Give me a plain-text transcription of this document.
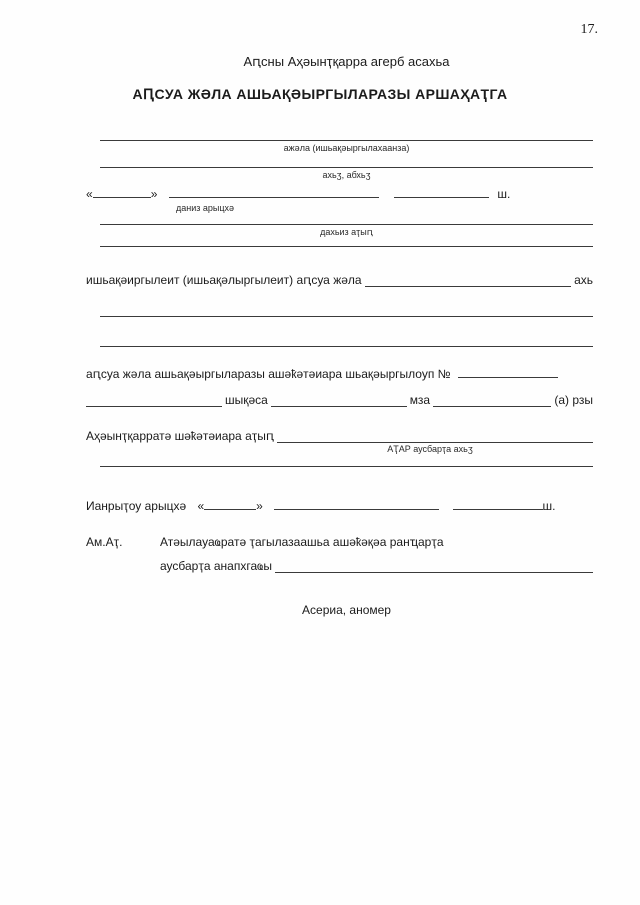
17.
Аԥсны Аҳәынҭқарра агерб асахьа
АԤСУА ЖӘЛА АШЬАҚӘЫРГЫЛАРАЗЫ АРШАҲАҬГА
ажәла (ишьақәыргылахаанза)
ахьӡ, абхьӡ
«	»	ш.
даниз арыцхә
дахьиз аҭыԥ
ишьақәиргылеит (ишьақәлыргылеит) аԥсуа жәла	ахь
аԥсуа жәла ашьақәыргыларазы ашәҟәтәиара шьақәыргылоуп №
шықәса	мза	(а) рзы
Аҳәынҭқарратә шәҟәтәиара аҭыԥ
АҬАР аусбарҭа ахьӡ
Ианрыҭоу арыцхә «	»	ш.
Ам.Аҭ.	Атәылауаҩратә ҭагылазаашьа ашәҟәқәа ранҵарҭа
аусбарҭа анапхгаҩы
Асериа, аномер
